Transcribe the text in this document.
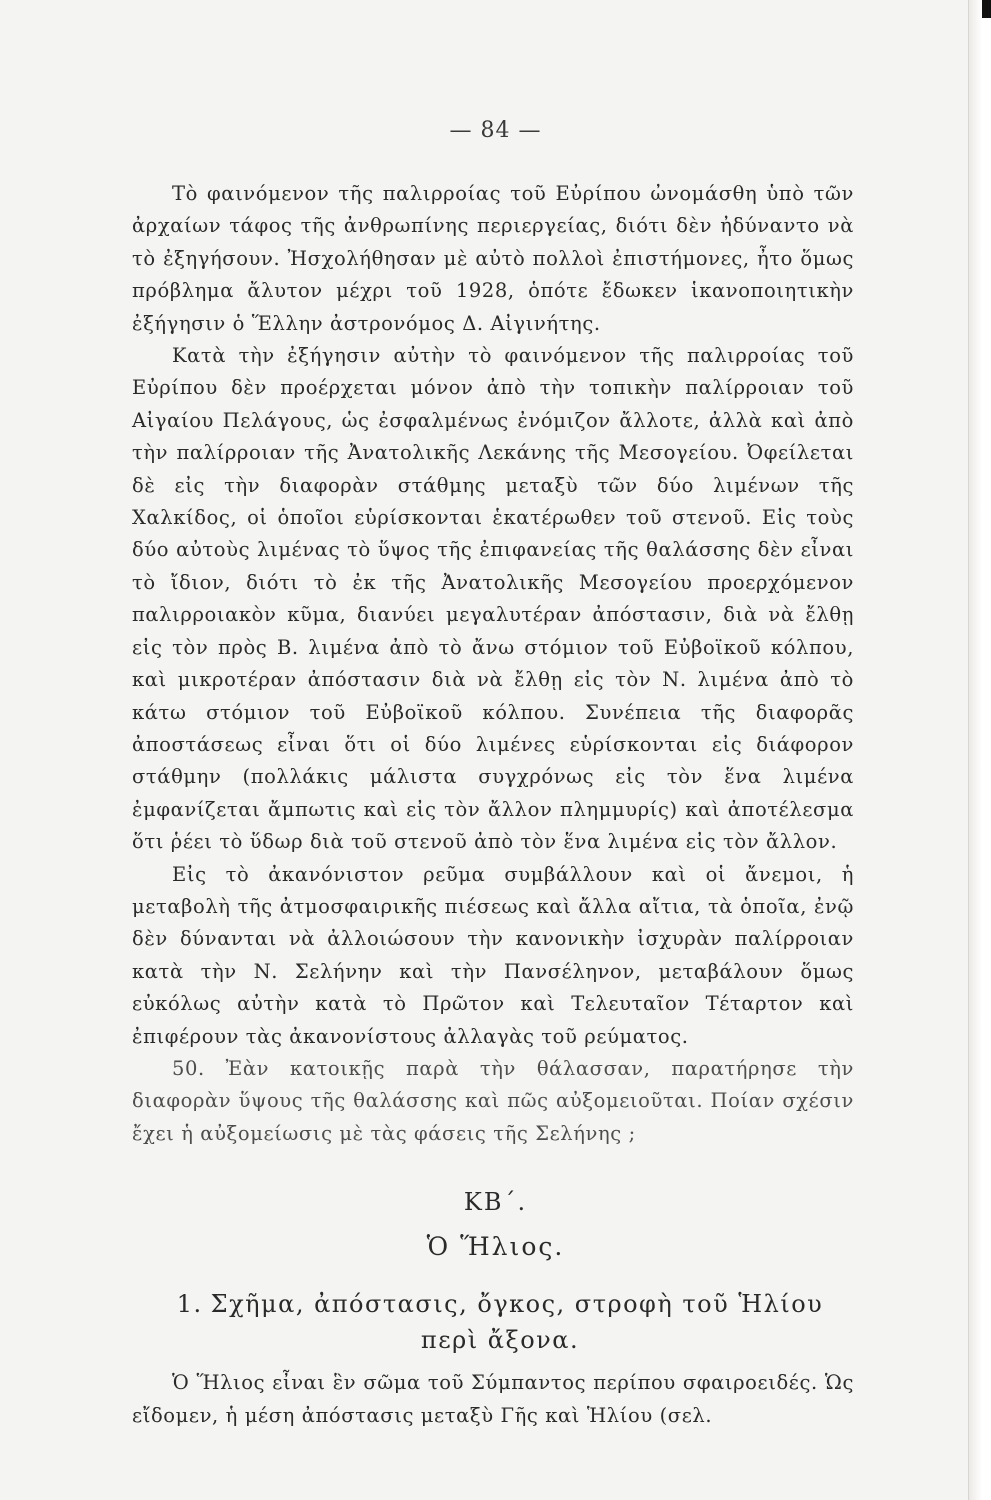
— 84 —

Τὸ φαινόμενον τῆς παλιρροίας τοῦ Εὐρίπου ὠνομάσθη ὑπὸ τῶν ἀρχαίων τάφος τῆς ἀνθρωπίνης περιεργείας, διότι δὲν ἠδύναντο νὰ τὸ ἐξηγήσουν. Ἠσχολήθησαν μὲ αὐτὸ πολλοὶ ἐπιστήμονες, ἦτο ὅμως πρόβλημα ἄλυτον μέχρι τοῦ 1928, ὁπότε ἔδωκεν ἱκανοποιητικὴν ἐξήγησιν ὁ Ἕλλην ἀστρονόμος Δ. Αἰγινήτης.

Κατὰ τὴν ἐξήγησιν αὐτὴν τὸ φαινόμενον τῆς παλιρροίας τοῦ Εὐρίπου δὲν προέρχεται μόνον ἀπὸ τὴν τοπικὴν παλίρροιαν τοῦ Αἰγαίου Πελάγους, ὡς ἐσφαλμένως ἐνόμιζον ἄλλοτε, ἀλλὰ καὶ ἀπὸ τὴν παλίρροιαν τῆς Ἀνατολικῆς Λεκάνης τῆς Μεσογείου. Ὀφείλεται δὲ εἰς τὴν διαφορὰν στάθμης μεταξὺ τῶν δύο λιμένων τῆς Χαλκίδος, οἱ ὁποῖοι εὑρίσκονται ἑκατέρωθεν τοῦ στενοῦ. Εἰς τοὺς δύο αὐτοὺς λιμένας τὸ ὕψος τῆς ἐπιφανείας τῆς θαλάσσης δὲν εἶναι τὸ ἴδιον, διότι τὸ ἐκ τῆς Ἀνατολικῆς Μεσογείου προερχόμενον παλιρροιακὸν κῦμα, διανύει μεγαλυτέραν ἀπόστασιν, διὰ νὰ ἔλθῃ εἰς τὸν πρὸς Β. λιμένα ἀπὸ τὸ ἄνω στόμιον τοῦ Εὐβοϊκοῦ κόλπου, καὶ μικροτέραν ἀπόστασιν διὰ νὰ ἔλθῃ εἰς τὸν Ν. λιμένα ἀπὸ τὸ κάτω στόμιον τοῦ Εὐβοϊκοῦ κόλπου. Συνέπεια τῆς διαφορᾶς ἀποστάσεως εἶναι ὅτι οἱ δύο λιμένες εὑρίσκονται εἰς διάφορον στάθμην (πολλάκις μάλιστα συγχρόνως εἰς τὸν ἕνα λιμένα ἐμφανίζεται ἄμπωτις καὶ εἰς τὸν ἄλλον πλημμυρίς) καὶ ἀποτέλεσμα ὅτι ῥέει τὸ ὕδωρ διὰ τοῦ στενοῦ ἀπὸ τὸν ἕνα λιμένα εἰς τὸν ἄλλον.

Εἰς τὸ ἀκανόνιστον ρεῦμα συμβάλλουν καὶ οἱ ἄνεμοι, ἡ μεταβολὴ τῆς ἀτμοσφαιρικῆς πιέσεως καὶ ἄλλα αἴτια, τὰ ὁποῖα, ἐνῷ δὲν δύνανται νὰ ἀλλοιώσουν τὴν κανονικὴν ἰσχυρὰν παλίρροιαν κατὰ τὴν Ν. Σελήνην καὶ τὴν Πανσέληνον, μεταβάλουν ὅμως εὐκόλως αὐτὴν κατὰ τὸ Πρῶτον καὶ Τελευταῖον Τέταρτον καὶ ἐπιφέρουν τὰς ἀκανονίστους ἀλλαγὰς τοῦ ρεύματος.

50. Ἐὰν κατοικῇς παρὰ τὴν θάλασσαν, παρατήρησε τὴν διαφορὰν ὕψους τῆς θαλάσσης καὶ πῶς αὐξομειοῦται. Ποίαν σχέσιν ἔχει ἡ αὐξομείωσις μὲ τὰς φάσεις τῆς Σελήνης ;

ΚΒ΄.
Ὁ Ἥλιος.
1. Σχῆμα, ἀπόστασις, ὄγκος, στροφὴ τοῦ Ἡλίου περὶ ἄξονα.

Ὁ Ἥλιος εἶναι ἓν σῶμα τοῦ Σύμπαντος περίπου σφαιροειδές. Ὡς εἴδομεν, ἡ μέση ἀπόστασις μεταξὺ Γῆς καὶ Ἡλίου (σελ.
